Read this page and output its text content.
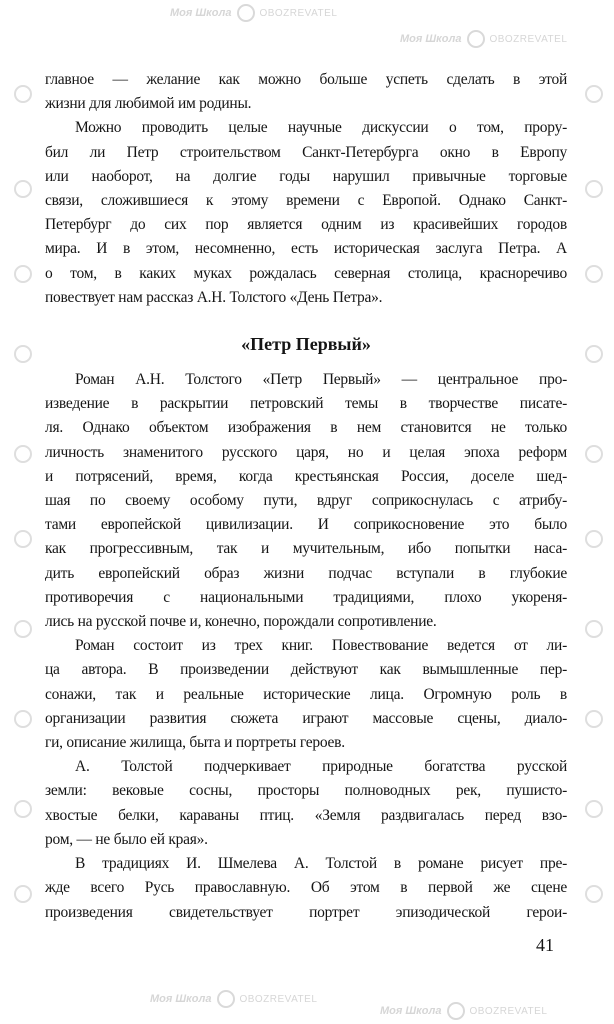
Моя Школа	OBOZREVATEL
Моя Школа	OBOZREVATEL
Моя Школа	OBOZREVATEL
Моя Школа	OBOZREVATEL
главное — желание как можно больше успеть сделать в этой
жизни для любимой им родины.
Можно проводить целые научные дискуссии о том, прору-
бил ли Петр строительством Санкт-Петербурга окно в Европу
или наоборот, на долгие годы нарушил привычные торговые
связи, сложившиеся к этому времени с Европой. Однако Санкт-
Петербург до сих пор является одним из красивейших городов
мира. И в этом, несомненно, есть историческая заслуга Петра. А
о том, в каких муках рождалась северная столица, красноречиво
повествует нам рассказ А.Н. Толстого «День Петра».
«Петр Первый»
Роман А.Н. Толстого «Петр Первый» — центральное про-
изведение в раскрытии петровский темы в творчестве писате-
ля. Однако объектом изображения в нем становится не только
личность знаменитого русского царя, но и целая эпоха реформ
и потрясений, время, когда крестьянская Россия, доселе шед-
шая по своему особому пути, вдруг соприкоснулась с атрибу-
тами европейской цивилизации. И соприкосновение это было
как прогрессивным, так и мучительным, ибо попытки наса-
дить европейский образ жизни подчас вступали в глубокие
противоречия с национальными традициями, плохо укореня-
лись на русской почве и, конечно, порождали сопротивление.
Роман состоит из трех книг. Повествование ведется от ли-
ца автора. В произведении действуют как вымышленные пер-
сонажи, так и реальные исторические лица. Огромную роль в
организации развития сюжета играют массовые сцены, диало-
ги, описание жилища, быта и портреты героев.
А. Толстой подчеркивает природные богатства русской
земли: вековые сосны, просторы полноводных рек, пушисто-
хвостые белки, караваны птиц. «Земля раздвигалась перед взо-
ром, — не было ей края».
В традициях И. Шмелева А. Толстой в романе рисует пре-
жде всего Русь православную. Об этом в первой же сцене
произведения свидетельствует портрет эпизодической герои-
41
